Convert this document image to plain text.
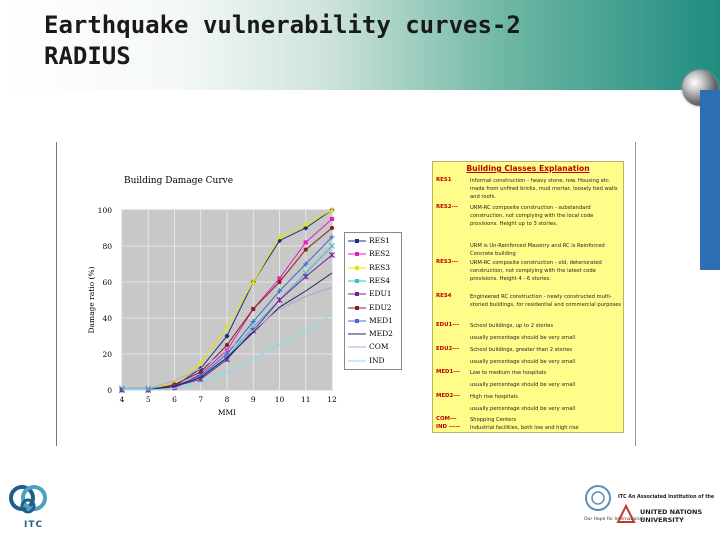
Earthquake vulnerability curves-2
RADIUS
Building Damage Curve
0
20
40
60
80
100
4	5	6	7	8	9	10 11 12
MMI
Damage ratio (%)
RES1
RES2
RES3
RES4
EDU1
EDU2
MED1
MED2
COM
IND
Building Classes Explanation
RES1	Informal construction - heavy stone, row. Housing etc. made from unfired bricks, mud mortar, loosely tied walls and roofs.
RES2--- URM-RC composite construction - substandard construction, not complying with the local code provisions. Height up to 3 stories.
URM is Un-Reinforced Masonry and RC is Reinforced Concrete building
RES3--- URM-RC composite construction - old, deteriorated construction, not complying with the latest code provisions. Height 4 - 6 stories.
RES4	Engineered RC construction - newly constructed multi-storied buildings, for residential and commercial purposes
EDU1--- School buildings, up to 2 stories
usually percentage should be very small
EDU2--- School buildings, greater than 2 stories
usually percentage should be very small
MED1--- Low to medium rise hospitals
usually percentage should be very small
MED2--- High rise hospitals
usually percentage should be very small
COM---	Shopping Centers
IND ----- Industrial facilities, both low and high rise
ITC
Our Hope for International
ITC An Associated Institution of the
UNITED NATIONS
UNIVERSITY
